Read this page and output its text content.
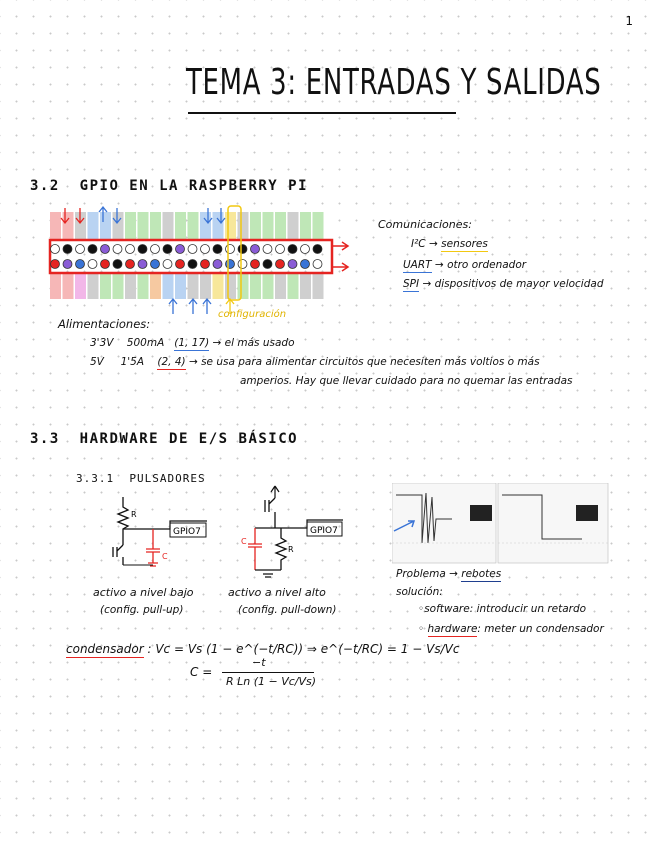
1
TEMA 3: ENTRADAS Y SALIDAS
3.2 GPIO EN LA RASPBERRY PI
configuración
Comunicaciones:
I²C → sensores
UART → otro ordenador
SPI → dispositivos de mayor velocidad
Alimentaciones:
3'3V 500mA (1, 17) → el más usado
5V 1'5A (2, 4) → se usa para alimentar circuitos que necesiten más voltios o más
amperios. Hay que llevar cuidado para no quemar las entradas
3.3 HARDWARE DE E/S BÁSICO
3.3.1 PULSADORES
R
GPIO7
C
activo a nivel bajo
(config. pull-up)
GPIO7
R
C
activo a nivel alto
(config. pull-down)
Problema → rebotes
solución:
◦software: introducir un retardo
◦ hardware: meter un condensador
condensador : Vc = Vs (1 − e^(−t/RC)) ⇒ e^(−t/RC) = 1 − Vs/Vc
C =
−t
R Ln (1 − Vc/Vs)
